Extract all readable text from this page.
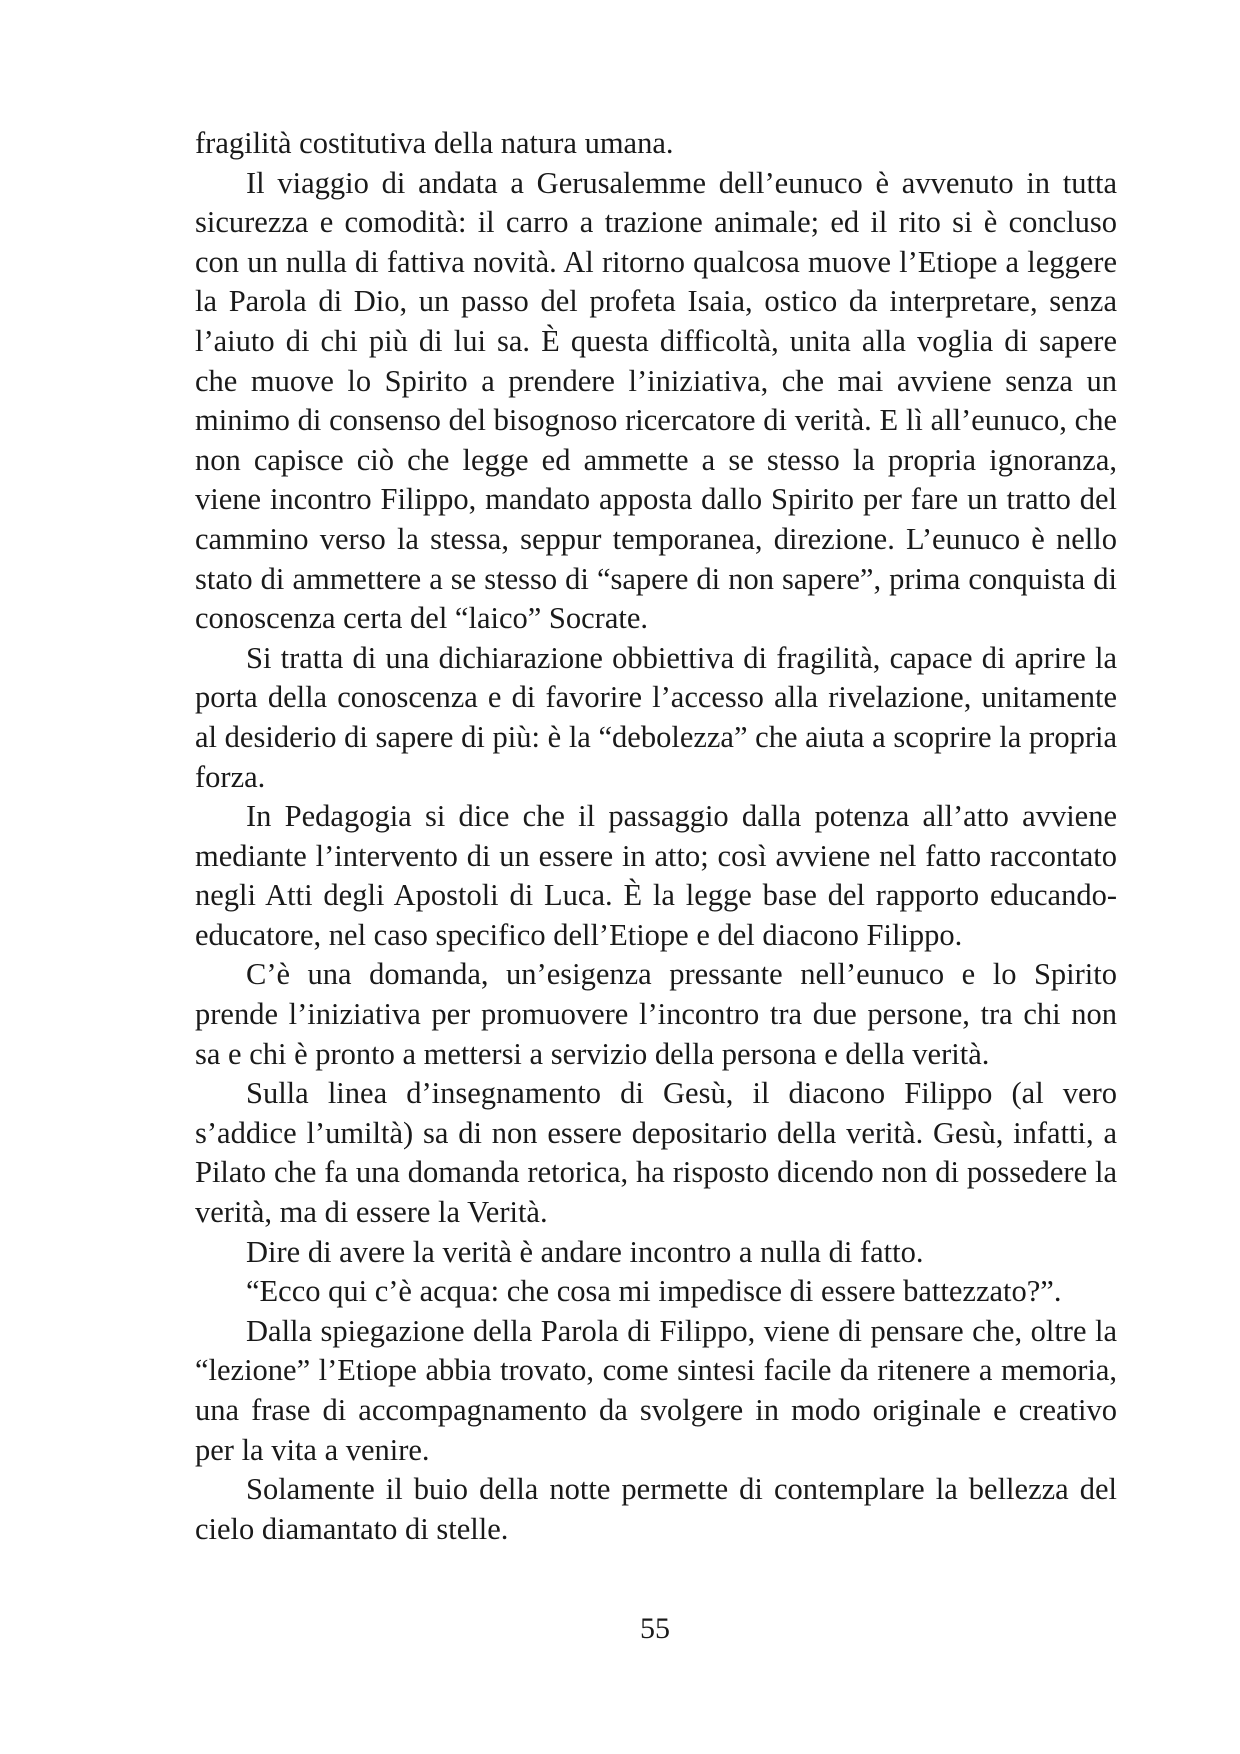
fragilità costitutiva della natura umana.

Il viaggio di andata a Gerusalemme dell’eunuco è avvenuto in tutta sicurezza e comodità: il carro a trazione animale; ed il rito si è concluso con un nulla di fattiva novità. Al ritorno qualcosa muove l’Etiope a leggere la Parola di Dio, un passo del profeta Isaia, ostico da interpretare, senza l’aiuto di chi più di lui sa. È questa difficoltà, unita alla voglia di sapere che muove lo Spirito a prendere l’iniziativa, che mai avviene senza un minimo di consenso del bisognoso ricercatore di verità. E lì all’eunuco, che non capisce ciò che legge ed ammette a se stesso la propria ignoranza, viene incontro Filippo, mandato apposta dallo Spirito per fare un tratto del cammino verso la stessa, seppur temporanea, direzione. L’eunuco è nello stato di ammettere a se stesso di “sapere di non sapere”, prima conquista di conoscenza certa del “laico” Socrate.

Si tratta di una dichiarazione obbiettiva di fragilità, capace di aprire la porta della conoscenza e di favorire l’accesso alla rivelazione, unitamente al desiderio di sapere di più: è la “debolezza” che aiuta a scoprire la propria forza.

In Pedagogia si dice che il passaggio dalla potenza all’atto avviene mediante l’intervento di un essere in atto; così avviene nel fatto raccontato negli Atti degli Apostoli di Luca. È la legge base del rapporto educando-educatore, nel caso specifico dell’Etiope e del diacono Filippo.

C’è una domanda, un’esigenza pressante nell’eunuco e lo Spirito prende l’iniziativa per promuovere l’incontro tra due persone, tra chi non sa e chi è pronto a mettersi a servizio della persona e della verità.

Sulla linea d’insegnamento di Gesù, il diacono Filippo (al vero s’addice l’umiltà) sa di non essere depositario della verità. Gesù, infatti, a Pilato che fa una domanda retorica, ha risposto dicendo non di possedere la verità, ma di essere la Verità.

Dire di avere la verità è andare incontro a nulla di fatto.

“Ecco qui c’è acqua: che cosa mi impedisce di essere battezzato?”.

Dalla spiegazione della Parola di Filippo, viene di pensare che, oltre la “lezione” l’Etiope abbia trovato, come sintesi facile da ritenere a memoria, una frase di accompagnamento da svolgere in modo originale e creativo per la vita a venire.

Solamente il buio della notte permette di contemplare la bellezza del cielo diamantato di stelle.

55
